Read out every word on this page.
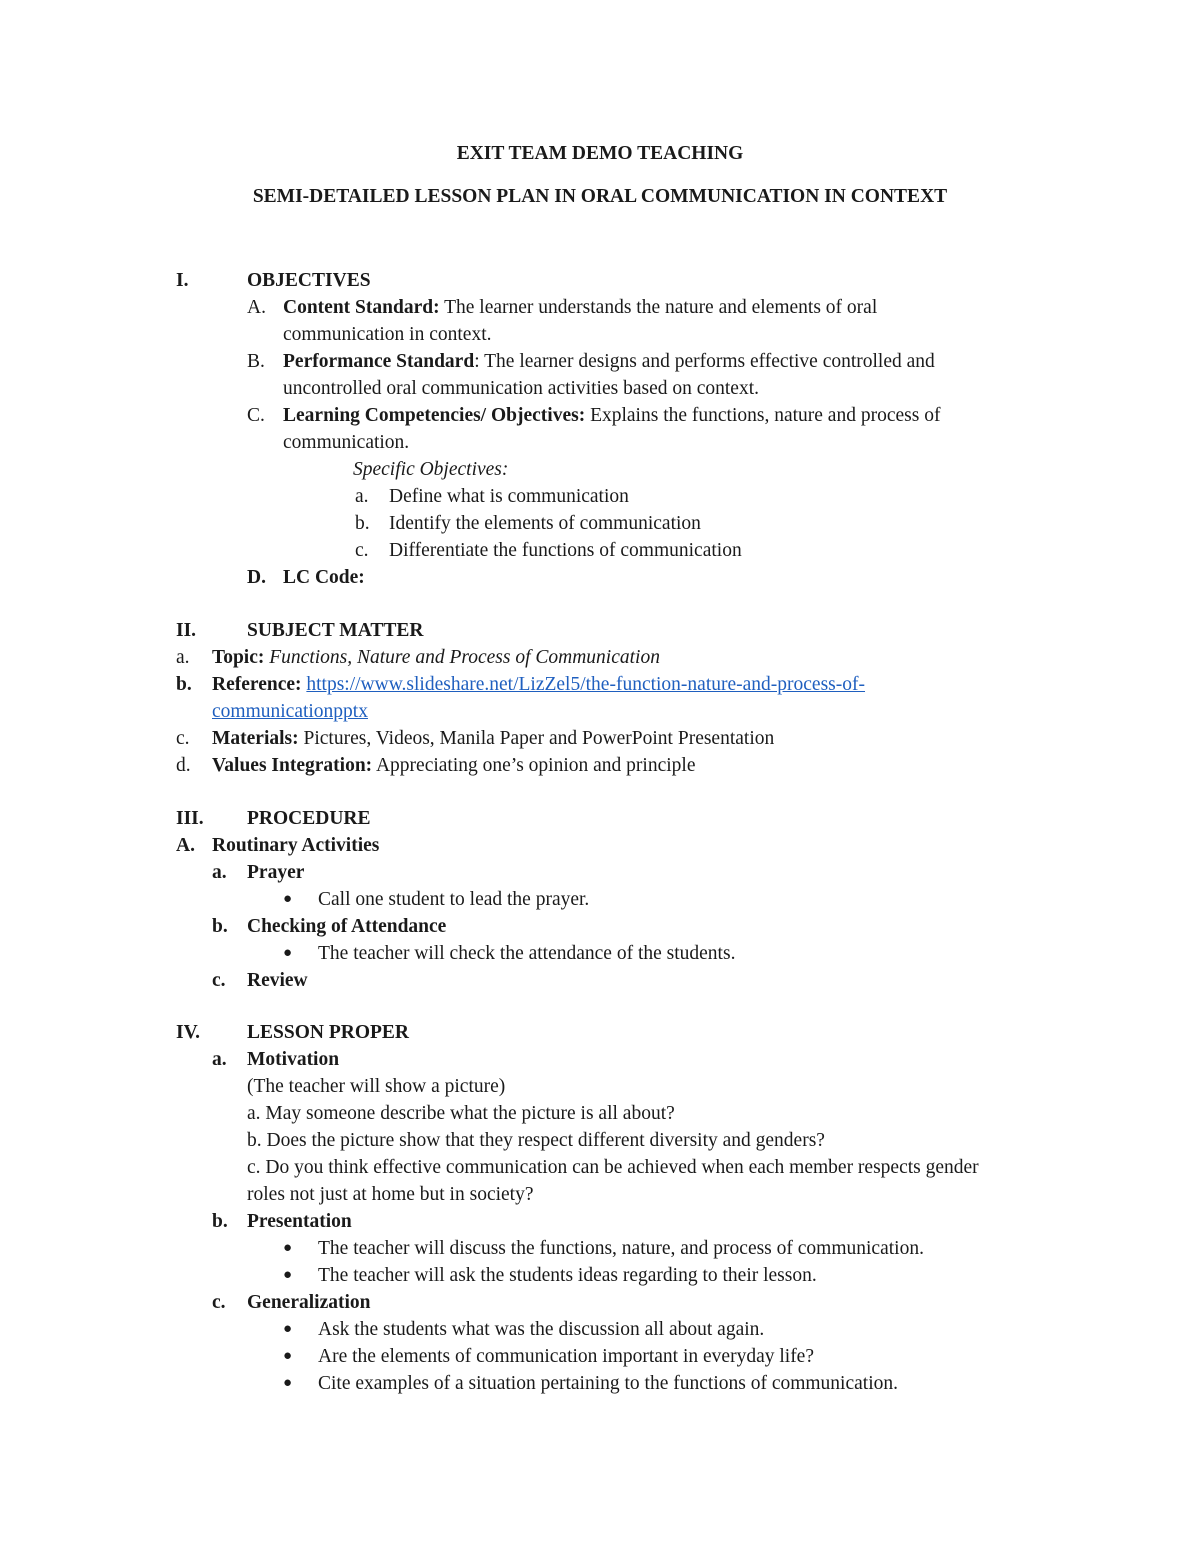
EXIT TEAM DEMO TEACHING
SEMI-DETAILED LESSON PLAN IN ORAL COMMUNICATION IN CONTEXT
I.	OBJECTIVES
A. Content Standard: The learner understands the nature and elements of oral
communication in context.
B. Performance Standard: The learner designs and performs effective controlled and
uncontrolled oral communication activities based on context.
C. Learning Competencies/ Objectives: Explains the functions, nature and process of
communication.
Specific Objectives:
a. Define what is communication
b. Identify the elements of communication
c. Differentiate the functions of communication
D. LC Code:
II.	SUBJECT MATTER
a. Topic: Functions, Nature and Process of Communication
b. Reference: https://www.slideshare.net/LizZel5/the-function-nature-and-process-of-
communicationpptx
c. Materials: Pictures, Videos, Manila Paper and PowerPoint Presentation
d. Values Integration: Appreciating one’s opinion and principle
III. PROCEDURE
A. Routinary Activities
a. Prayer
● Call one student to lead the prayer.
b. Checking of Attendance
● The teacher will check the attendance of the students.
c. Review
IV. LESSON PROPER
a. Motivation
(The teacher will show a picture)
a. May someone describe what the picture is all about?
b. Does the picture show that they respect different diversity and genders?
c. Do you think effective communication can be achieved when each member respects gender
roles not just at home but in society?
b. Presentation
● The teacher will discuss the functions, nature, and process of communication.
● The teacher will ask the students ideas regarding to their lesson.
c. Generalization
● Ask the students what was the discussion all about again.
● Are the elements of communication important in everyday life?
● Cite examples of a situation pertaining to the functions of communication.
